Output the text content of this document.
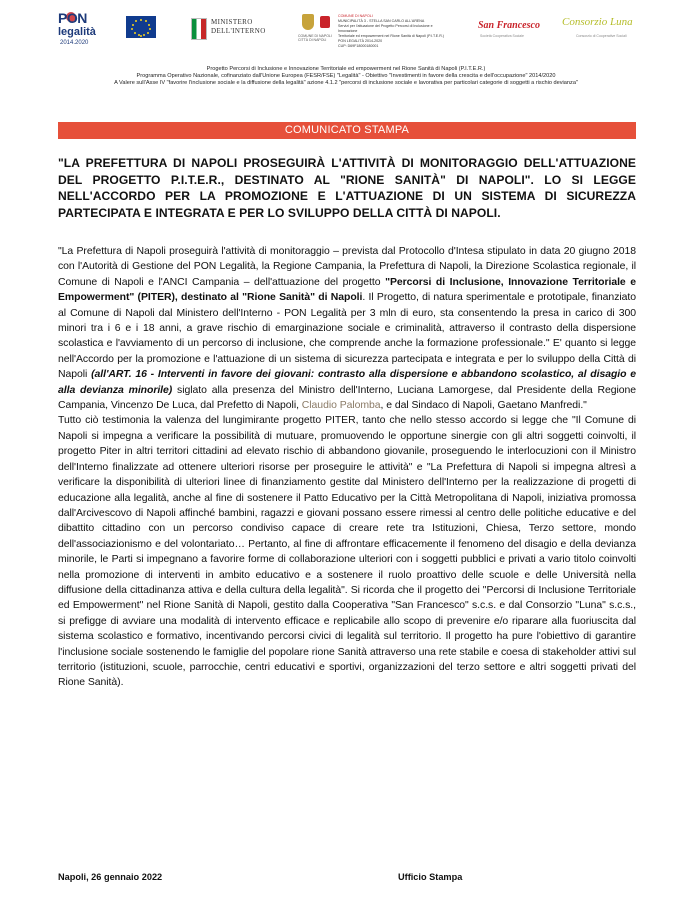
PON
legalità
2014.2020
MINISTERO
DELL'INTERNO
COMUNE DI NAPOLI CITTÀ DI NAPOLI
COMUNE DI NAPOLI
MUNICIPALITÀ 3 - STELLA SAN CARLO ALL'ARENA
Servizi per l'attuazione del Progetto Percorsi di Inclusione e Innovazione
Territoriale ed empowerment nel Rione Sanità di Napoli (P.I.T.E.R.)
PON LEGALITÀ 2014-2020
CUP: D69F18000180001
San Francesco
Società Cooperativa Sociale
Consorzio Luna
Consorzio di Cooperative Sociali
Progetto Percorsi di Inclusione e Innovazione Territoriale ed empowerment nel Rione Sanità di Napoli (P.I.T.E.R.)
Programma Operativo Nazionale, cofinanziato dall'Unione Europea (FESR/FSE) "Legalità" - Obiettivo "Investimenti in favore della crescita e dell'occupazione" 2014/2020
A Valere sull'Asse IV "favorire l'inclusione sociale e la diffusione della legalità" azione 4.1.2 "percorsi di inclusione sociale e lavorativa per particolari categorie di soggetti a rischio devianza"
COMUNICATO STAMPA
"LA PREFETTURA DI NAPOLI PROSEGUIRÀ L'ATTIVITÀ DI MONITORAGGIO DELL'ATTUAZIONE DEL PROGETTO P.I.T.E.R., DESTINATO AL "RIONE SANITÀ" DI NAPOLI". LO SI LEGGE NELL'ACCORDO PER LA PROMOZIONE E L'ATTUAZIONE DI UN SISTEMA DI SICUREZZA PARTECIPATA E INTEGRATA E PER LO SVILUPPO DELLA CITTÀ DI NAPOLI.

"La Prefettura di Napoli proseguirà l'attività di monitoraggio – prevista dal Protocollo d'Intesa stipulato in data 20 giugno 2018 con l'Autorità di Gestione del PON Legalità, la Regione Campania, la Prefettura di Napoli, la Direzione Scolastica regionale, il Comune di Napoli e l'ANCI Campania – dell'attuazione del progetto "Percorsi di Inclusione, Innovazione Territoriale e Empowerment" (PITER), destinato al "Rione Sanità" di Napoli. Il Progetto, di natura sperimentale e prototipale, finanziato al Comune di Napoli dal Ministero dell'Interno - PON Legalità per 3 mln di euro, sta consentendo la presa in carico di 300 minori tra i 6 e i 18 anni, a grave rischio di emarginazione sociale e criminalità, attraverso il contrasto della dispersione scolastica e l'avviamento di un percorso di inclusione, che comprende anche la formazione professionale." E' quanto si legge nell'Accordo per la promozione e l'attuazione di un sistema di sicurezza partecipata e integrata e per lo sviluppo della Città di Napoli (all'ART. 16 - Interventi in favore dei giovani: contrasto alla dispersione e abbandono scolastico, al disagio e alla devianza minorile) siglato alla presenza del Ministro dell'Interno, Luciana Lamorgese, dal Presidente della Regione Campania, Vincenzo De Luca, dal Prefetto di Napoli, Claudio Palomba, e dal Sindaco di Napoli, Gaetano Manfredi."

Tutto ciò testimonia la valenza del lungimirante progetto PITER, tanto che nello stesso accordo si legge che "Il Comune di Napoli si impegna a verificare la possibilità di mutuare, promuovendo le opportune sinergie con gli altri soggetti coinvolti, il progetto Piter in altri territori cittadini ad elevato rischio di abbandono giovanile, proseguendo le interlocuzioni con il Ministro dell'Interno finalizzate ad ottenere ulteriori risorse per proseguire le attività" e "La Prefettura di Napoli si impegna altresì a verificare la disponibilità di ulteriori linee di finanziamento gestite dal Ministero dell'Interno per la realizzazione di progetti di educazione alla legalità, anche al fine di sostenere il Patto Educativo per la Città Metropolitana di Napoli, iniziativa promossa dall'Arcivescovo di Napoli affinché bambini, ragazzi e giovani possano essere rimessi al centro delle politiche educative e del dibattito cittadino con un percorso condiviso capace di creare rete tra Istituzioni, Chiesa, Terzo settore, mondo dell'associazionismo e del volontariato… Pertanto, al fine di affrontare efficacemente il fenomeno del disagio e della devianza minorile, le Parti si impegnano a favorire forme di collaborazione ulteriori con i soggetti pubblici e privati a vario titolo coinvolti nella promozione di interventi in ambito educativo e a sostenere il ruolo proattivo delle scuole e delle Università nella diffusione della cittadinanza attiva e della cultura della legalità". Si ricorda che il progetto dei "Percorsi di Inclusione Territoriale ed Empowerment" nel Rione Sanità di Napoli, gestito dalla Cooperativa "San Francesco" s.c.s. e dal Consorzio "Luna" s.c.s., si prefigge di avviare una modalità di intervento efficace e replicabile allo scopo di prevenire e/o riparare alla fuoriuscita dal sistema scolastico e formativo, incentivando percorsi civici di legalità sul territorio. Il progetto ha pure l'obiettivo di garantire l'inclusione sociale sostenendo le famiglie del popolare rione Sanità attraverso una rete stabile e coesa di stakeholder attivi sul territorio (istituzioni, scuole, parrocchie, centri educativi e sportivi, organizzazioni del terzo settore e altri soggetti privati del Rione Sanità).

Napoli, 26 gennaio 2022	Ufficio Stampa
